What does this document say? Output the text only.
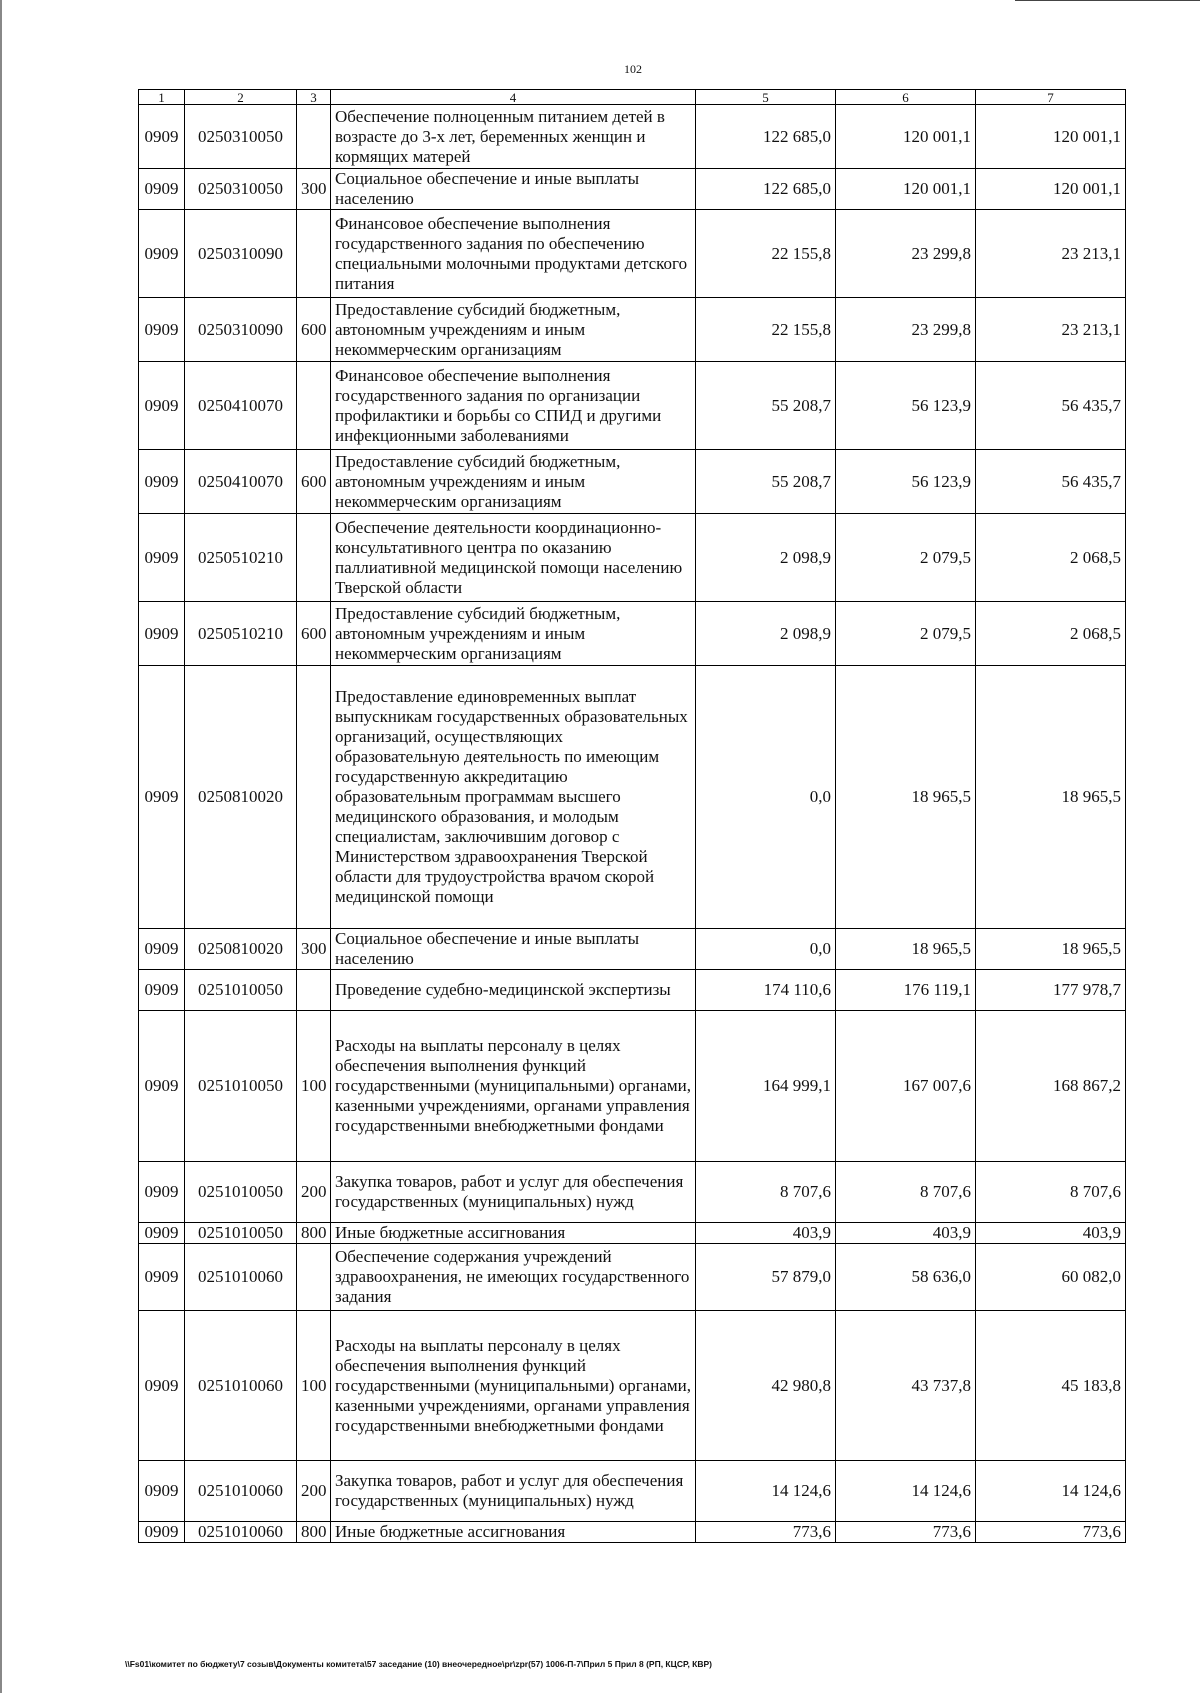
102
1	2	3	4	5	6	7
0909	0250310050		Обеспечение полноценным питанием детей в возрасте до 3-х лет, беременных женщин и кормящих матерей	122 685,0	120 001,1	120 001,1
0909	0250310050	300	Социальное обеспечение и иные выплаты населению	122 685,0	120 001,1	120 001,1
0909	0250310090		Финансовое обеспечение выполнения государственного задания по обеспечению специальными молочными продуктами детского питания	22 155,8	23 299,8	23 213,1
0909	0250310090	600	Предоставление субсидий бюджетным, автономным учреждениям и иным некоммерческим организациям	22 155,8	23 299,8	23 213,1
0909	0250410070		Финансовое обеспечение выполнения государственного задания по организации профилактики и борьбы со СПИД и другими инфекционными заболеваниями	55 208,7	56 123,9	56 435,7
0909	0250410070	600	Предоставление субсидий бюджетным, автономным учреждениям и иным некоммерческим организациям	55 208,7	56 123,9	56 435,7
0909	0250510210		Обеспечение деятельности координационно-консультативного центра по оказанию паллиативной медицинской помощи населению Тверской области	2 098,9	2 079,5	2 068,5
0909	0250510210	600	Предоставление субсидий бюджетным, автономным учреждениям и иным некоммерческим организациям	2 098,9	2 079,5	2 068,5
0909	0250810020		Предоставление единовременных выплат выпускникам государственных образовательных организаций, осуществляющих образовательную деятельность по имеющим государственную аккредитацию образовательным программам высшего медицинского образования, и молодым специалистам, заключившим договор с Министерством здравоохранения Тверской области для трудоустройства врачом скорой медицинской помощи	0,0	18 965,5	18 965,5
0909	0250810020	300	Социальное обеспечение и иные выплаты населению	0,0	18 965,5	18 965,5
0909	0251010050		Проведение судебно-медицинской экспертизы	174 110,6	176 119,1	177 978,7
0909	0251010050	100	Расходы на выплаты персоналу в целях обеспечения выполнения функций государственными (муниципальными) органами, казенными учреждениями, органами управления государственными внебюджетными фондами	164 999,1	167 007,6	168 867,2
0909	0251010050	200	Закупка товаров, работ и услуг для обеспечения государственных (муниципальных) нужд	8 707,6	8 707,6	8 707,6
0909	0251010050	800	Иные бюджетные ассигнования	403,9	403,9	403,9
0909	0251010060		Обеспечение содержания учреждений здравоохранения, не имеющих государственного задания	57 879,0	58 636,0	60 082,0
0909	0251010060	100	Расходы на выплаты персоналу в целях обеспечения выполнения функций государственными (муниципальными) органами, казенными учреждениями, органами управления государственными внебюджетными фондами	42 980,8	43 737,8	45 183,8
0909	0251010060	200	Закупка товаров, работ и услуг для обеспечения государственных (муниципальных) нужд	14 124,6	14 124,6	14 124,6
0909	0251010060	800	Иные бюджетные ассигнования	773,6	773,6	773,6
\\Fs01\комитет по бюджету\7 созыв\Документы комитета\57 заседание (10) внеочередное\pr\zpr(57) 1006-П-7\Прил 5 Прил 8 (РП, КЦСР, КВР)
